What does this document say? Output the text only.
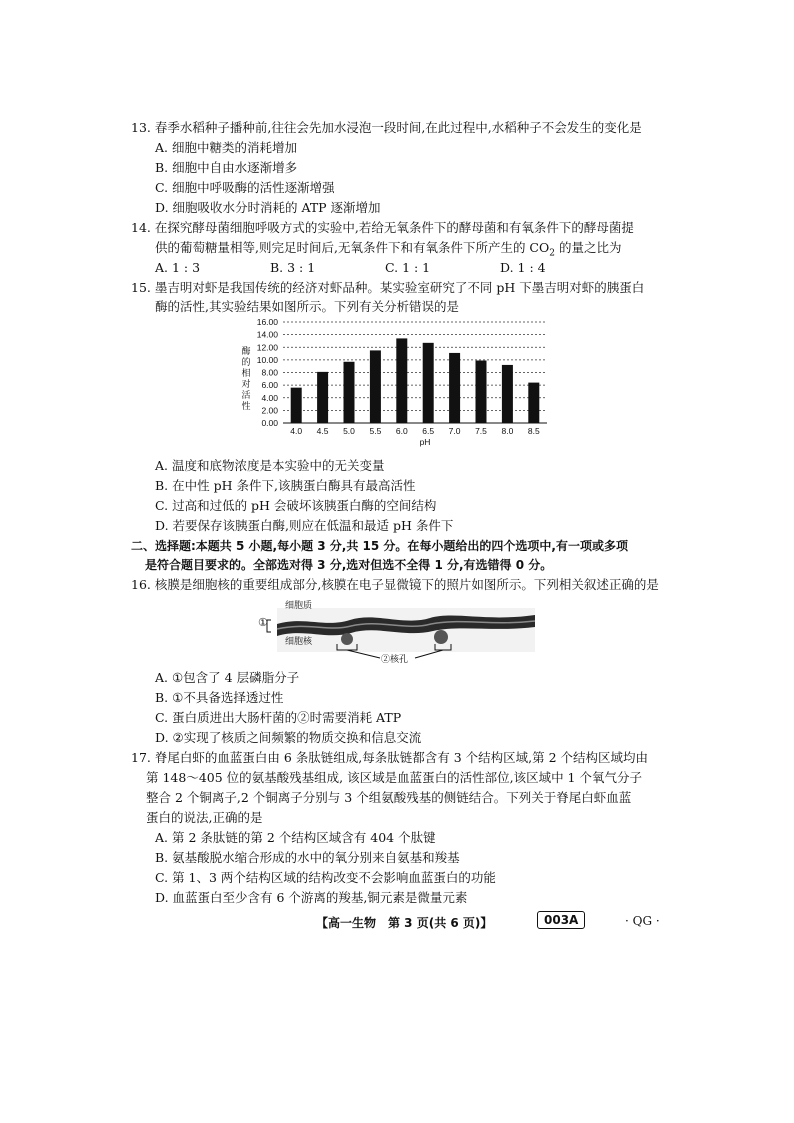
13. 春季水稻种子播种前,往往会先加水浸泡一段时间,在此过程中,水稻种子不会发生的变化是
A. 细胞中糖类的消耗增加
B. 细胞中自由水逐渐增多
C. 细胞中呼吸酶的活性逐渐增强
D. 细胞吸收水分时消耗的 ATP 逐渐增加
14. 在探究酵母菌细胞呼吸方式的实验中,若给无氧条件下的酵母菌和有氧条件下的酵母菌提
供的葡萄糖量相等,则完足时间后,无氧条件下和有氧条件下所产生的 $CO_2$ 的量之比为
A. 1 : 3	B. 3 : 1	C. 1 : 1	D. 1 : 4
15. 墨吉明对虾是我国传统的经济对虾品种。某实验室研究了不同 pH 下墨吉明对虾的胰蛋白
酶的活性,其实验结果如图所示。下列有关分析错误的是
0.00
2.00
4.00
6.00
8.00
10.00
12.00
14.00
16.00
酶
的
相
对
活
性
4.0 4.5 5.0 5.5 6.0 6.5 7.0 7.5 8.0 8.5
pH
A. 温度和底物浓度是本实验中的无关变量
B. 在中性 pH 条件下,该胰蛋白酶具有最高活性
C. 过高和过低的 pH 会破坏该胰蛋白酶的空间结构
D. 若要保存该胰蛋白酶,则应在低温和最适 pH 条件下
二、选择题:本题共 5 小题,每小题 3 分,共 15 分。在每小题给出的四个选项中,有一项或多项
是符合题目要求的。全部选对得 3 分,选对但选不全得 1 分,有选错得 0 分。
16. 核膜是细胞核的重要组成部分,核膜在电子显微镜下的照片如图所示。下列相关叙述正确的是
细胞质
细胞核
①
②核孔
A. ①包含了 4 层磷脂分子
B. ①不具备选择透过性
C. 蛋白质进出大肠杆菌的②时需要消耗 ATP
D. ②实现了核质之间频繁的物质交换和信息交流
17. 脊尾白虾的血蓝蛋白由 6 条肽链组成,每条肽链都含有 3 个结构区域,第 2 个结构区域均由
第 148～405 位的氨基酸残基组成, 该区域是血蓝蛋白的活性部位,该区域中 1 个氧气分子
整合 2 个铜离子,2 个铜离子分别与 3 个组氨酸残基的侧链结合。下列关于脊尾白虾血蓝
蛋白的说法,正确的是
A. 第 2 条肽链的第 2 个结构区域含有 404 个肽键
B. 氨基酸脱水缩合形成的水中的氧分别来自氨基和羧基
C. 第 1、3 两个结构区域的结构改变不会影响血蓝蛋白的功能
D. 血蓝蛋白至少含有 6 个游离的羧基,铜元素是微量元素
【高一生物　第 3 页(共 6 页)】	003A	· QG ·
